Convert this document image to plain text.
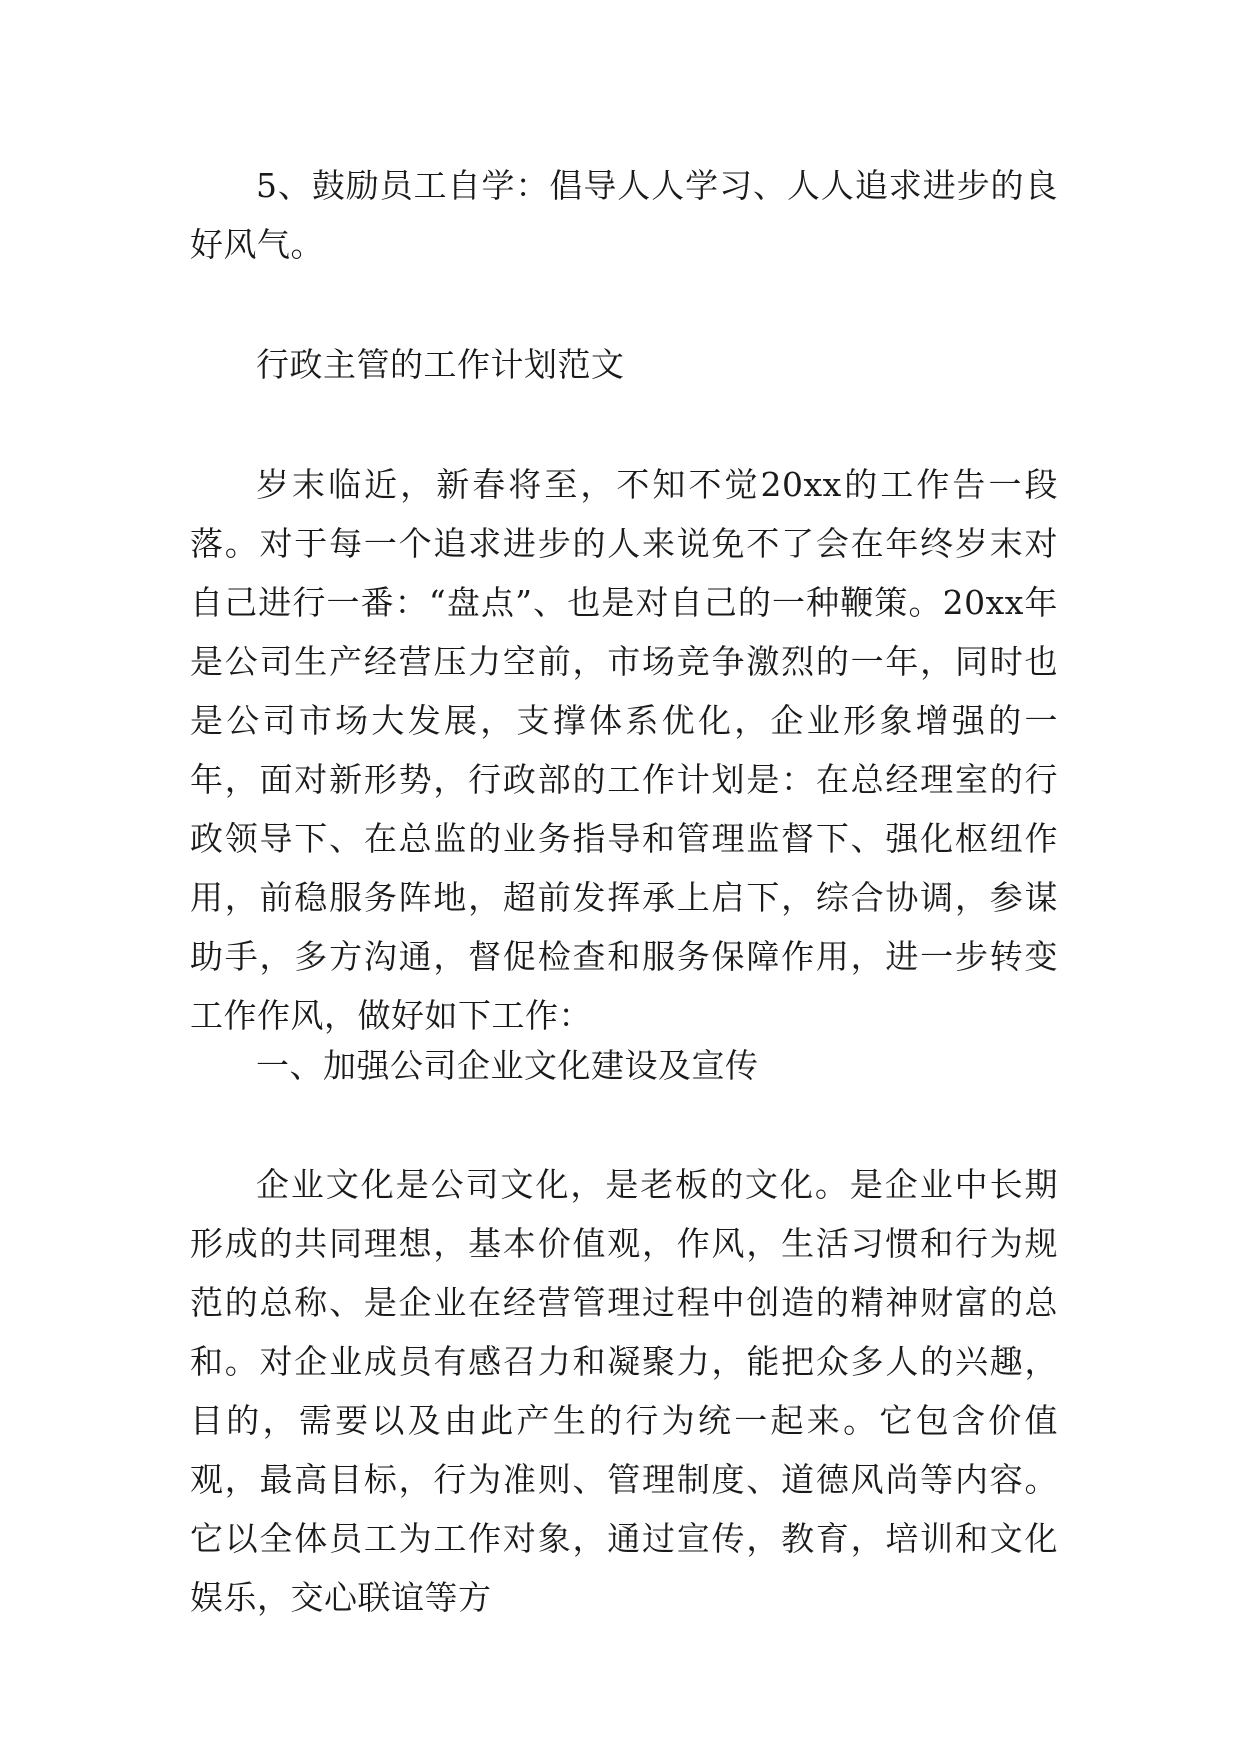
5、鼓励员工自学：倡导人人学习、人人追求进步的良好风气。

行政主管的工作计划范文

岁末临近，新春将至，不知不觉20xx的工作告一段落。对于每一个追求进步的人来说免不了会在年终岁末对自己进行一番：“盘点”、也是对自己的一种鞭策。20xx年是公司生产经营压力空前，市场竞争激烈的一年，同时也是公司市场大发展，支撑体系优化，企业形象增强的一年，面对新形势，行政部的工作计划是：在总经理室的行政领导下、在总监的业务指导和管理监督下、强化枢纽作用，前稳服务阵地，超前发挥承上启下，综合协调，参谋助手，多方沟通，督促检查和服务保障作用，进一步转变工作作风，做好如下工作：

一、加强公司企业文化建设及宣传

企业文化是公司文化，是老板的文化。是企业中长期形成的共同理想，基本价值观，作风，生活习惯和行为规范的总称、是企业在经营管理过程中创造的精神财富的总和。对企业成员有感召力和凝聚力，能把众多人的兴趣，目的，需要以及由此产生的行为统一起来。它包含价值观，最高目标，行为准则、管理制度、道德风尚等内容。它以全体员工为工作对象，通过宣传，教育，培训和文化娱乐，交心联谊等方
